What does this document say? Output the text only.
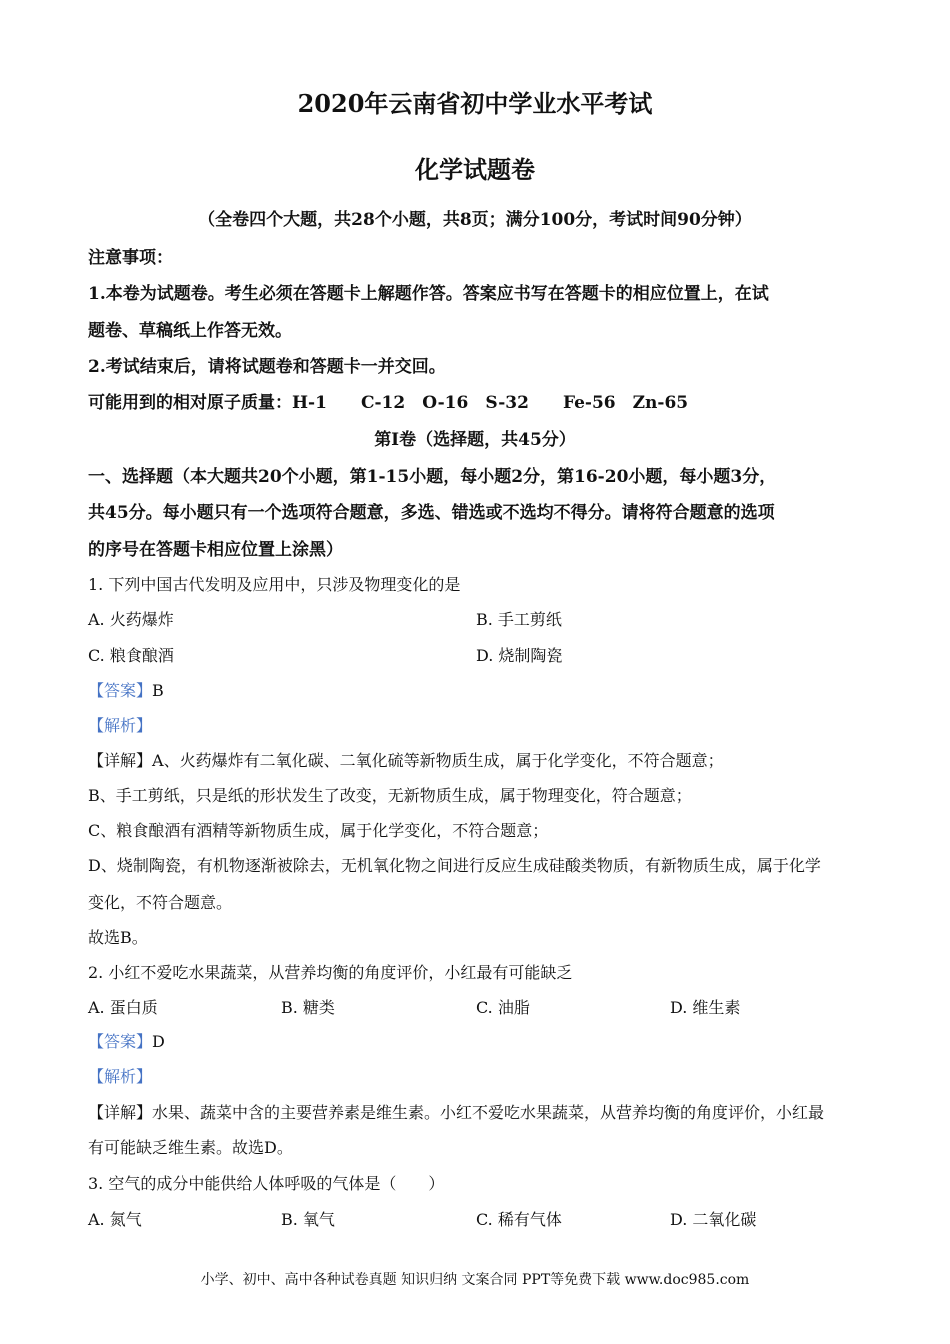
2020年云南省初中学业水平考试
化学试题卷
（全卷四个大题，共28个小题，共8页；满分100分，考试时间90分钟）
注意事项：
1.本卷为试题卷。考生必须在答题卡上解题作答。答案应书写在答题卡的相应位置上，在试
题卷、草稿纸上作答无效。
2.考试结束后，请将试题卷和答题卡一并交回。
可能用到的相对原子质量：H-1　　C-12　O-16　S-32　　Fe-56　Zn-65
第Ⅰ卷（选择题，共45分）
一、选择题（本大题共20个小题，第1-15小题，每小题2分，第16-20小题，每小题3分，
共45分。每小题只有一个选项符合题意，多选、错选或不选均不得分。请将符合题意的选项
的序号在答题卡相应位置上涂黑）
1. 下列中国古代发明及应用中，只涉及物理变化的是
A. 火药爆炸	B. 手工剪纸
C. 粮食酿酒	D. 烧制陶瓷
【答案】B
【解析】
【详解】A、火药爆炸有二氧化碳、二氧化硫等新物质生成，属于化学变化，不符合题意；
B、手工剪纸，只是纸的形状发生了改变，无新物质生成，属于物理变化，符合题意；
C、粮食酿酒有酒精等新物质生成，属于化学变化，不符合题意；
D、烧制陶瓷，有机物逐渐被除去，无机氧化物之间进行反应生成硅酸类物质，有新物质生成，属于化学
变化，不符合题意。
故选B。
2. 小红不爱吃水果蔬菜，从营养均衡的角度评价，小红最有可能缺乏
A. 蛋白质	B. 糖类	C. 油脂	D. 维生素
【答案】D
【解析】
【详解】水果、蔬菜中含的主要营养素是维生素。小红不爱吃水果蔬菜，从营养均衡的角度评价，小红最
有可能缺乏维生素。故选D。
3. 空气的成分中能供给人体呼吸的气体是（　　）
A. 氮气	B. 氧气	C. 稀有气体	D. 二氧化碳
小学、初中、高中各种试卷真题 知识归纳 文案合同 PPT等免费下载 www.doc985.com
